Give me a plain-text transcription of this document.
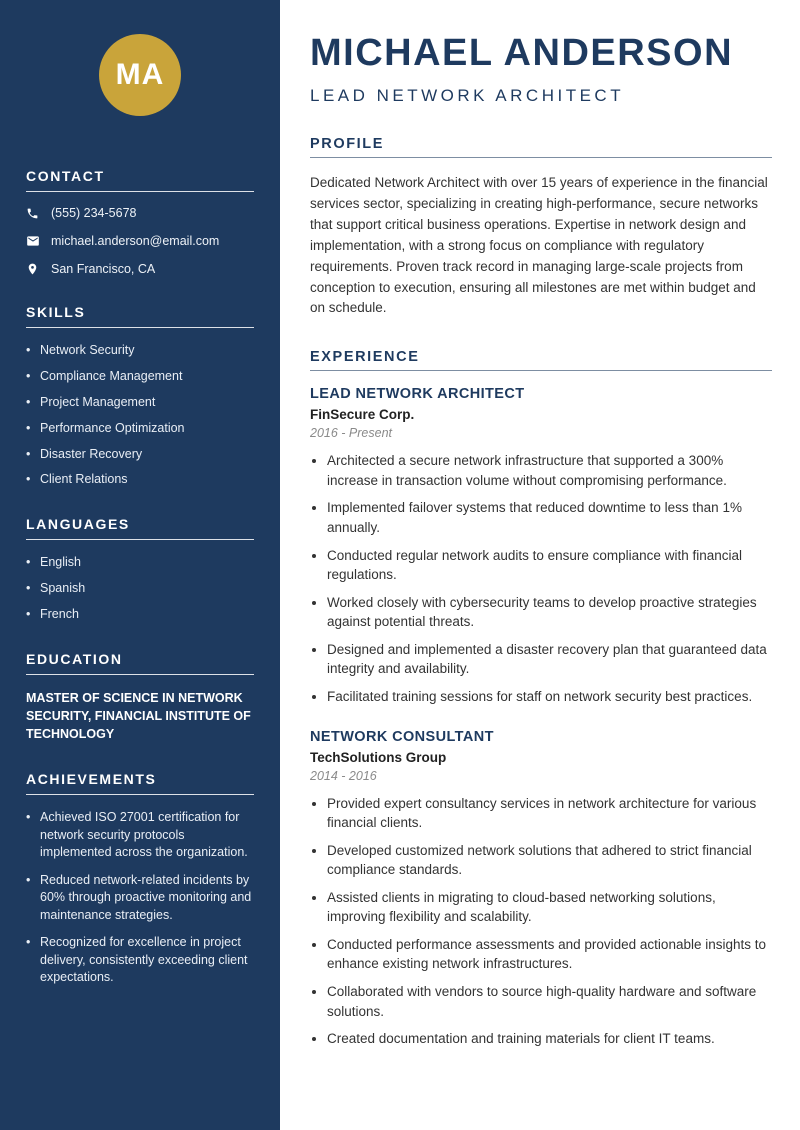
MA
CONTACT
(555) 234-5678
michael.anderson@email.com
San Francisco, CA
SKILLS
• Network Security
• Compliance Management
• Project Management
• Performance Optimization
• Disaster Recovery
• Client Relations
LANGUAGES
• English
• Spanish
• French
EDUCATION

MASTER OF SCIENCE IN NETWORK SECURITY, FINANCIAL INSTITUTE OF TECHNOLOGY

ACHIEVEMENTS
• Achieved ISO 27001 certification for network security protocols implemented across the organization.
• Reduced network-related incidents by 60% through proactive monitoring and maintenance strategies.
• Recognized for excellence in project delivery, consistently exceeding client expectations.
MICHAEL ANDERSON
LEAD NETWORK ARCHITECT
PROFILE

Dedicated Network Architect with over 15 years of experience in the financial services sector, specializing in creating high-performance, secure networks that support critical business operations. Expertise in network design and implementation, with a strong focus on compliance with regulatory requirements. Proven track record in managing large-scale projects from conception to execution, ensuring all milestones are met within budget and on schedule.

EXPERIENCE
LEAD NETWORK ARCHITECT

FinSecure Corp.

2016 - Present

• Architected a secure network infrastructure that supported a 300% increase in transaction volume without compromising performance.
• Implemented failover systems that reduced downtime to less than 1% annually.
• Conducted regular network audits to ensure compliance with financial regulations.
• Worked closely with cybersecurity teams to develop proactive strategies against potential threats.
• Designed and implemented a disaster recovery plan that guaranteed data integrity and availability.
• Facilitated training sessions for staff on network security best practices.
NETWORK CONSULTANT

TechSolutions Group

2014 - 2016

• Provided expert consultancy services in network architecture for various financial clients.
• Developed customized network solutions that adhered to strict financial compliance standards.
• Assisted clients in migrating to cloud-based networking solutions, improving flexibility and scalability.
• Conducted performance assessments and provided actionable insights to enhance existing network infrastructures.
• Collaborated with vendors to source high-quality hardware and software solutions.
• Created documentation and training materials for client IT teams.
